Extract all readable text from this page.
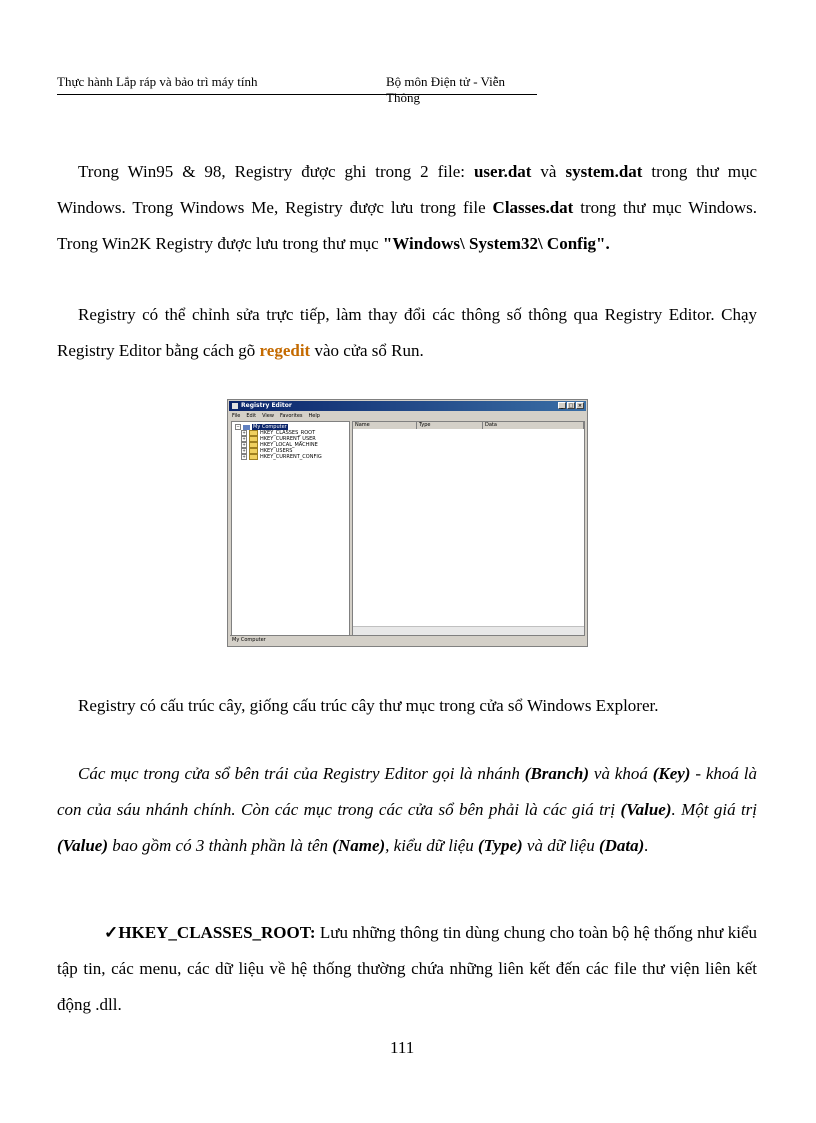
Thực hành Lắp ráp và bảo trì máy tính	Bộ môn Điện tử - Viễn Thông

Trong Win95 & 98, Registry được ghi trong 2 file: user.dat và system.dat trong thư mục Windows. Trong Windows Me, Registry được lưu trong file Classes.dat trong thư mục Windows. Trong Win2K Registry được lưu trong thư mục "Windows\ System32\ Config".

Registry có thể chỉnh sửa trực tiếp, làm thay đổi các thông số thông qua Registry Editor. Chạy Registry Editor bằng cách gõ regedit vào cửa sổ Run.

Registry Editor	_	□ ×
File Edit View Favorites Help
−	My Computer
+	HKEY_CLASSES_ROOT
+	HKEY_CURRENT_USER
+	HKEY_LOCAL_MACHINE
+	HKEY_USERS
+	HKEY_CURRENT_CONFIG
Name	Type	Data
My Computer

Registry có cấu trúc cây, giống cấu trúc cây thư mục trong cửa sổ Windows Explorer.

Các mục trong cửa sổ bên trái của Registry Editor gọi là nhánh (Branch) và khoá (Key) - khoá là con của sáu nhánh chính. Còn các mục trong các cửa sổ bên phải là các giá trị (Value). Một giá trị (Value) bao gồm có 3 thành phần là tên (Name), kiểu dữ liệu (Type) và dữ liệu (Data).

✓HKEY_CLASSES_ROOT: Lưu những thông tin dùng chung cho toàn bộ hệ thống như kiểu tập tin, các menu, các dữ liệu về hệ thống thường chứa những liên kết đến các file thư viện liên kết động .dll.

111
